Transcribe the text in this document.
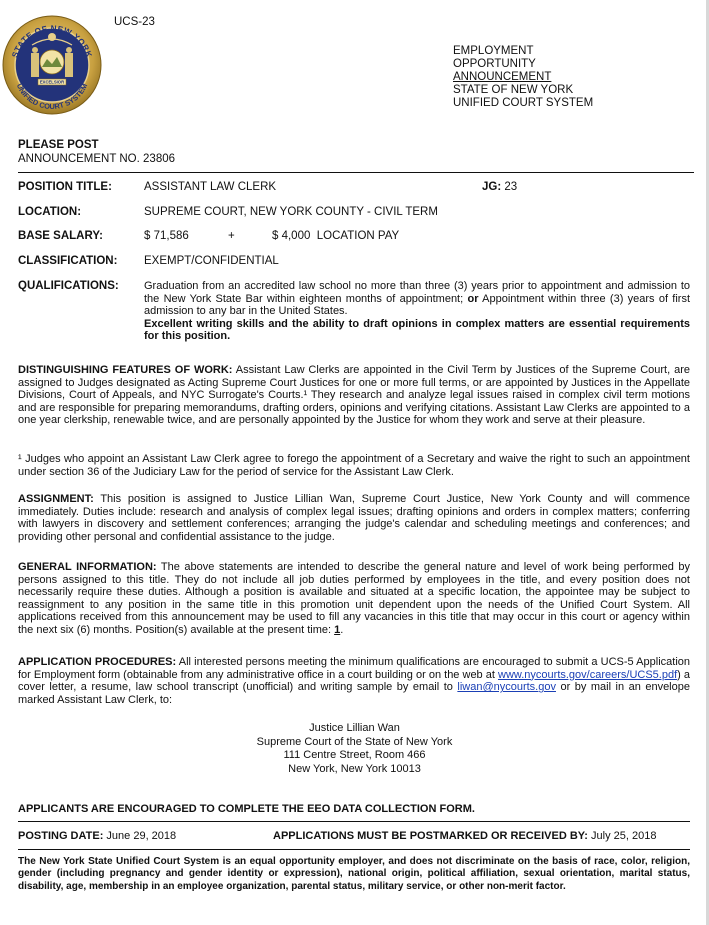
STATE OF NEW YORK
UNIFIED COURT SYSTEM
EXCELSIOR
UCS-23
EMPLOYMENT
OPPORTUNITY
ANNOUNCEMENT
STATE OF NEW YORK
UNIFIED COURT SYSTEM
PLEASE POST
ANNOUNCEMENT NO. 23806
POSITION TITLE:	ASSISTANT LAW CLERK	JG: 23
LOCATION:	SUPREME COURT, NEW YORK COUNTY - CIVIL TERM
BASE SALARY:	$ 71,586	+	$ 4,000  LOCATION PAY
CLASSIFICATION: EXEMPT/CONFIDENTIAL
QUALIFICATIONS: Graduation from an accredited law school no more than three (3) years prior to appointment and admission to the New York State Bar within eighteen months of appointment; or Appointment within three (3) years of first admission to any bar in the United States.
Excellent writing skills and the ability to draft opinions in complex matters are essential requirements for this position.
DISTINGUISHING FEATURES OF WORK: Assistant Law Clerks are appointed in the Civil Term by Justices of the Supreme Court, are assigned to Judges designated as Acting Supreme Court Justices for one or more full terms, or are appointed by Justices in the Appellate Divisions, Court of Appeals, and NYC Surrogate's Courts.¹ They research and analyze legal issues raised in complex civil term motions and are responsible for preparing memorandums, drafting orders, opinions and verifying citations. Assistant Law Clerks are appointed to a one year clerkship, renewable twice, and are personally appointed by the Justice for whom they work and serve at their pleasure.
¹ Judges who appoint an Assistant Law Clerk agree to forego the appointment of a Secretary and waive the right to such an appointment under section 36 of the Judiciary Law for the period of service for the Assistant Law Clerk.
ASSIGNMENT: This position is assigned to Justice Lillian Wan, Supreme Court Justice, New York County and will commence immediately. Duties include: research and analysis of complex legal issues; drafting opinions and orders in complex matters; conferring with lawyers in discovery and settlement conferences; arranging the judge's calendar and scheduling meetings and conferences; and providing other personal and confidential assistance to the judge.
GENERAL INFORMATION: The above statements are intended to describe the general nature and level of work being performed by persons assigned to this title. They do not include all job duties performed by employees in the title, and every position does not necessarily require these duties. Although a position is available and situated at a specific location, the appointee may be subject to reassignment to any position in the same title in this promotion unit dependent upon the needs of the Unified Court System. All applications received from this announcement may be used to fill any vacancies in this title that may occur in this court or agency within the next six (6) months. Position(s) available at the present time: 1.
APPLICATION PROCEDURES: All interested persons meeting the minimum qualifications are encouraged to submit a UCS-5 Application for Employment form (obtainable from any administrative office in a court building or on the web at www.nycourts.gov/careers/UCS5.pdf) a cover letter, a resume, law school transcript (unofficial) and writing sample by email to liwan@nycourts.gov or by mail in an envelope marked Assistant Law Clerk, to:
Justice Lillian Wan
Supreme Court of the State of New York
111 Centre Street, Room 466
New York, New York 10013
APPLICANTS ARE ENCOURAGED TO COMPLETE THE EEO DATA COLLECTION FORM.
POSTING DATE: June 29, 2018	APPLICATIONS MUST BE POSTMARKED OR RECEIVED BY: July 25, 2018
The New York State Unified Court System is an equal opportunity employer, and does not discriminate on the basis of race, color, religion, gender (including pregnancy and gender identity or expression), national origin, political affiliation, sexual orientation, marital status, disability, age, membership in an employee organization, parental status, military service, or other non-merit factor.
